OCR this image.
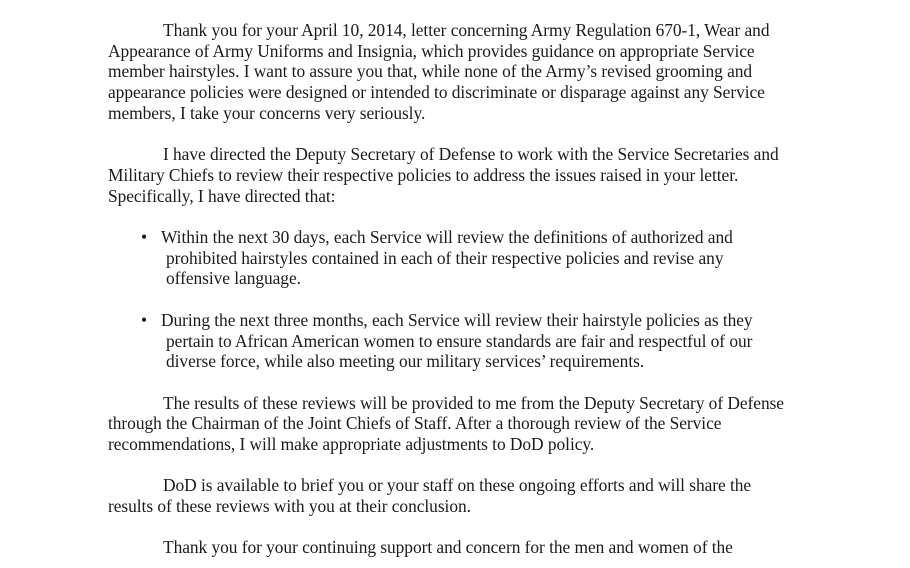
Thank you for your April 10, 2014, letter concerning Army Regulation 670-1, Wear and
Appearance of Army Uniforms and Insignia, which provides guidance on appropriate Service
member hairstyles. I want to assure you that, while none of the Army’s revised grooming and
appearance policies were designed or intended to discriminate or disparage against any Service
members, I take your concerns very seriously.

I have directed the Deputy Secretary of Defense to work with the Service Secretaries and
Military Chiefs to review their respective policies to address the issues raised in your letter.
Specifically, I have directed that:

• Within the next 30 days, each Service will review the definitions of authorized and
prohibited hairstyles contained in each of their respective policies and revise any
offensive language.
• During the next three months, each Service will review their hairstyle policies as they
pertain to African American women to ensure standards are fair and respectful of our
diverse force, while also meeting our military services’ requirements.

The results of these reviews will be provided to me from the Deputy Secretary of Defense
through the Chairman of the Joint Chiefs of Staff. After a thorough review of the Service
recommendations, I will make appropriate adjustments to DoD policy.

DoD is available to brief you or your staff on these ongoing efforts and will share the
results of these reviews with you at their conclusion.

Thank you for your continuing support and concern for the men and women of the
